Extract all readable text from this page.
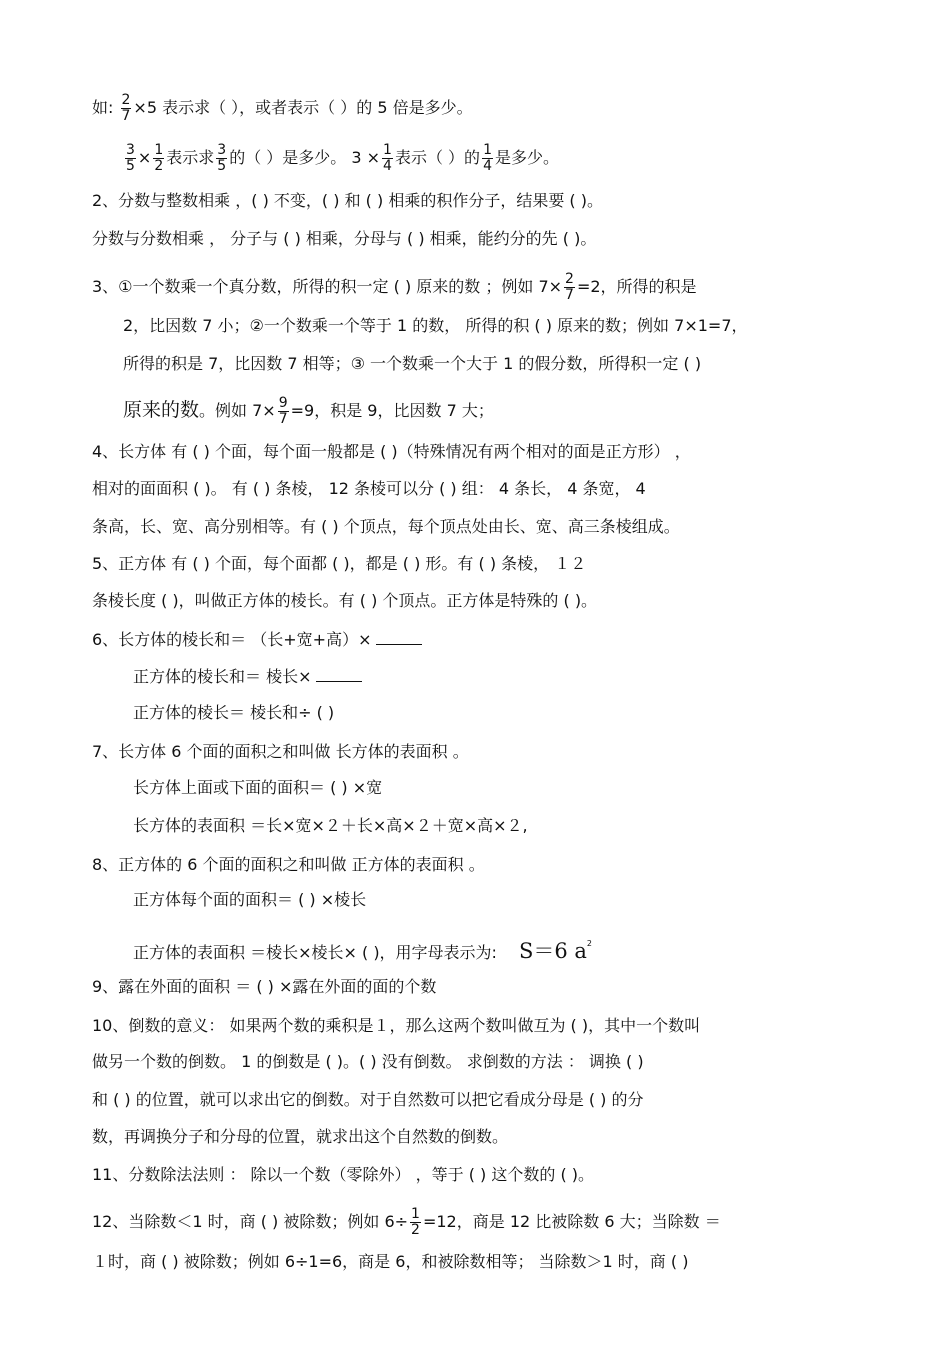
如: $\frac{2}{7} \times 5$ 表示求（ ），或者表示（ ）的 5 倍是多少。
$\frac{3}{5} \times \frac{1}{2}$ 表示求 $\frac{3}{5}$ 的（ ）是多少。 $3 \times \frac{1}{4}$ 表示（ ）的 $\frac{1}{4}$ 是多少。
2、分数与整数相乘 ，( ) 不变，( ) 和 ( ) 相乘的积作分子，结果要 ( )。
分数与分数相乘 ， 分子与 ( ) 相乘，分母与 ( ) 相乘，能约分的先 ( )。
3、①一个数乘一个真分数，所得的积一定 ( ) 原来的数 ；例如 $7\times \frac{2}{7} =2$，所得的积是
2，比因数 7 小；②一个数乘一个等于 1 的数， 所得的积 ( ) 原来的数；例如 7×1=7，
所得的积是 7，比因数 7 相等；③ 一个数乘一个大于 1 的假分数，所得积一定 ( )
原来的数。例如 $7\times \frac{9}{7} =9$，积是 9，比因数 7 大；
4、长方体 有 ( ) 个面，每个面一般都是 ( )（特殊情况有两个相对的面是正方形） ，
相对的面面积 ( )。 有 ( ) 条棱， 12 条棱可以分 ( ) 组： 4 条长， 4 条宽， 4
条高，长、宽、高分别相等。有 ( ) 个顶点，每个顶点处由长、宽、高三条棱组成。
5、正方体 有 ( ) 个面，每个面都 ( )，都是 ( ) 形。有 ( ) 条棱， １２
条棱长度 ( )，叫做正方体的棱长。有 ( ) 个顶点。正方体是特殊的 ( )。
6、长方体的棱长和＝ （长+宽+高）×
正方体的棱长和＝ 棱长×
正方体的棱长＝ 棱长和÷ ( )
7、长方体 6 个面的面积之和叫做 长方体的表面积 。
长方体上面或下面的面积＝ ( ) ×宽
长方体的表面积 ＝长×宽×２＋长×高×２＋宽×高×２,
8、正方体的 6 个面的面积之和叫做 正方体的表面积 。
正方体每个面的面积＝ ( ) ×棱长
正方体的表面积 ＝棱长×棱长× ( )，用字母表示为: S＝6 $a^2$
9、露在外面的面积 ＝ ( ) ×露在外面的面的个数
10、倒数的意义： 如果两个数的乘积是１，那么这两个数叫做互为 ( )，其中一个数叫
做另一个数的倒数。 1 的倒数是 ( )。( ) 没有倒数。 求倒数的方法 ： 调换 ( )
和 ( ) 的位置，就可以求出它的倒数。对于自然数可以把它看成分母是 ( ) 的分
数，再调换分子和分母的位置，就求出这个自然数的倒数。
11、分数除法法则 ： 除以一个数（零除外） ，等于 ( ) 这个数的 ( )。
12、当除数＜1 时，商 ( ) 被除数；例如 $6\div \frac{1}{2} =12$，商是 12 比被除数 6 大；当除数 ＝
１时，商 ( ) 被除数；例如 6÷1=6，商是 6，和被除数相等； 当除数＞1 时，商 ( )
